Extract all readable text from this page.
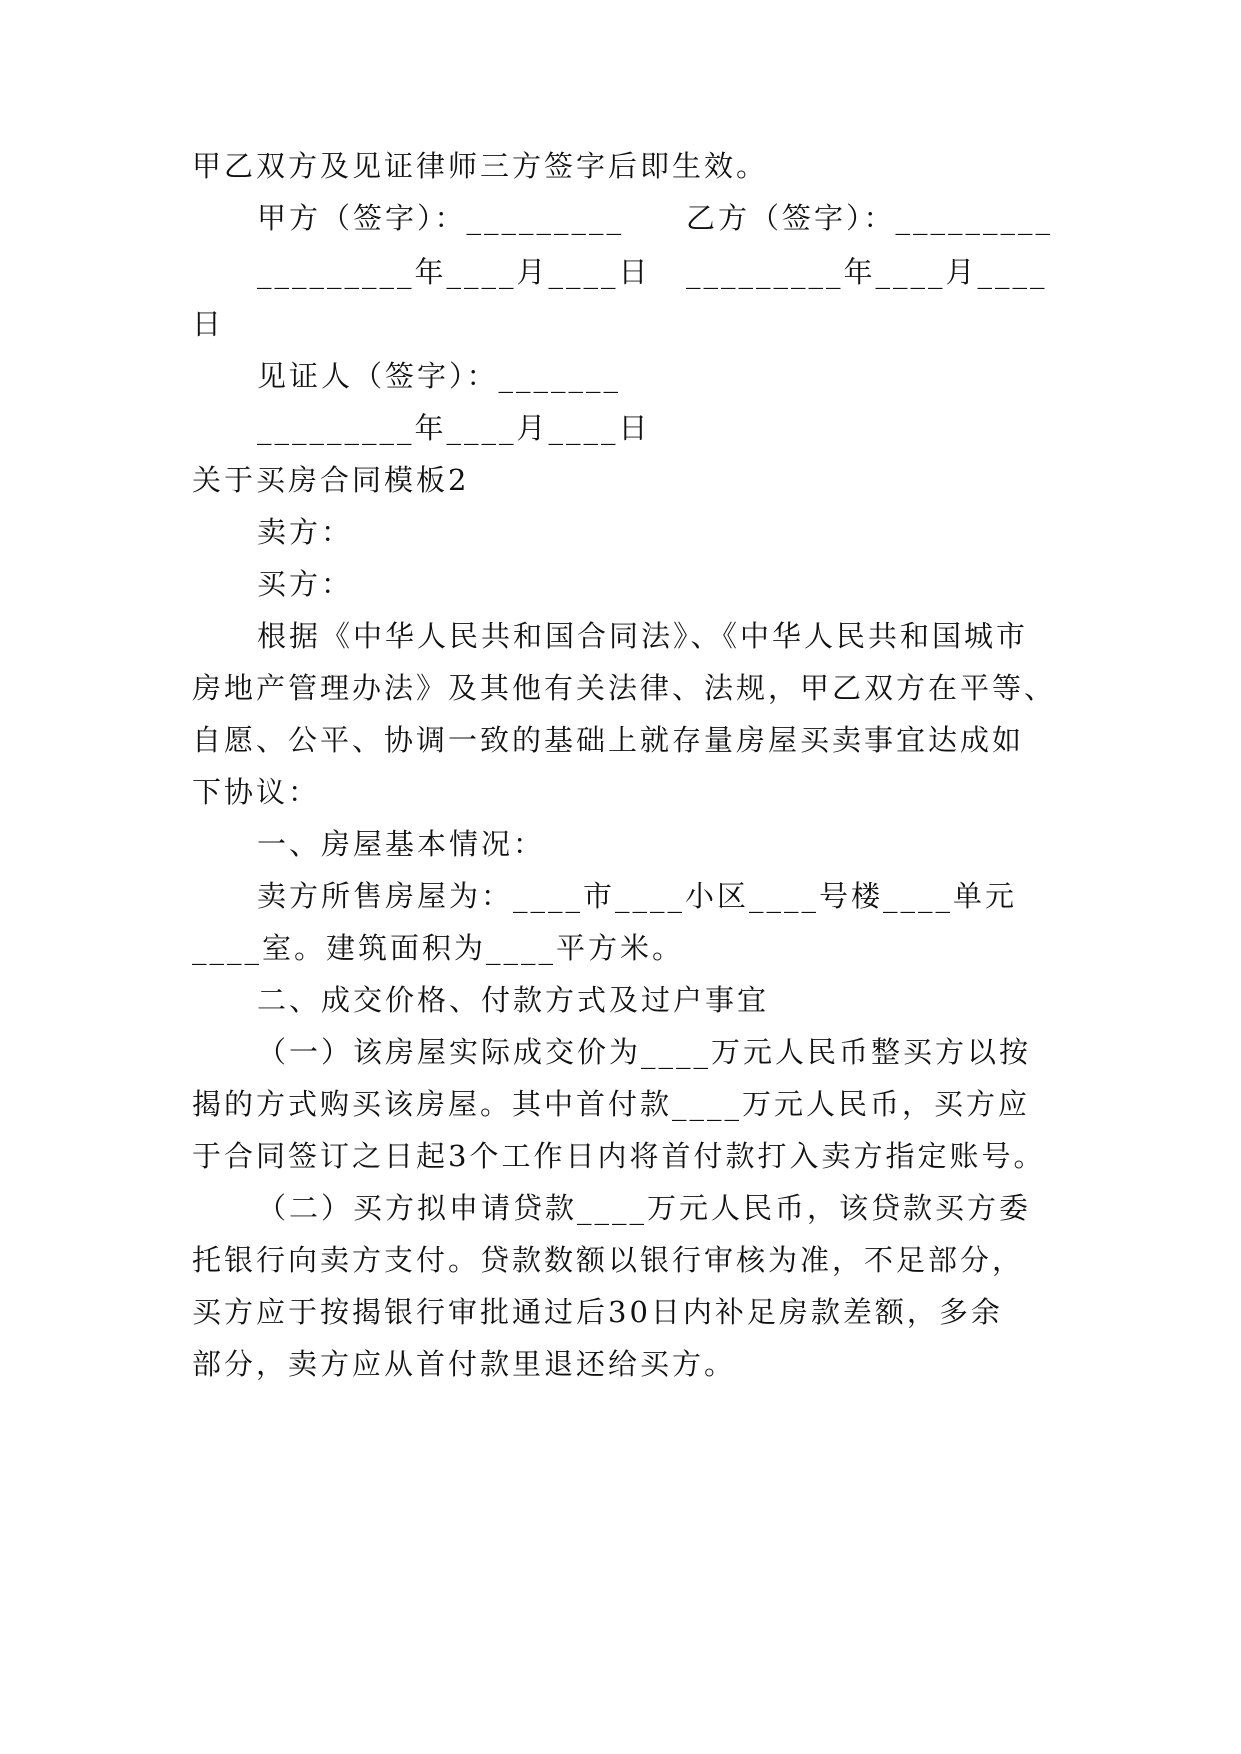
甲乙双方及见证律师三方签字后即生效。
甲方（签字）：_________ 乙方（签字）：_________
_________年____月____日 _________年____月____
日
见证人（签字）：_______
_________年____月____日
关于买房合同模板2
卖方：
买方：
根据《中华人民共和国合同法》、《中华人民共和国城市
房地产管理办法》及其他有关法律、法规，甲乙双方在平等、
自愿、公平、协调一致的基础上就存量房屋买卖事宜达成如
下协议：
一、房屋基本情况：
卖方所售房屋为：____市____小区____号楼____单元
____室。建筑面积为____平方米。
二、成交价格、付款方式及过户事宜
（一）该房屋实际成交价为____万元人民币整买方以按
揭的方式购买该房屋。其中首付款____万元人民币，买方应
于合同签订之日起3个工作日内将首付款打入卖方指定账号。
（二）买方拟申请贷款____万元人民币，该贷款买方委
托银行向卖方支付。贷款数额以银行审核为准，不足部分，
买方应于按揭银行审批通过后30日内补足房款差额，多余
部分，卖方应从首付款里退还给买方。
